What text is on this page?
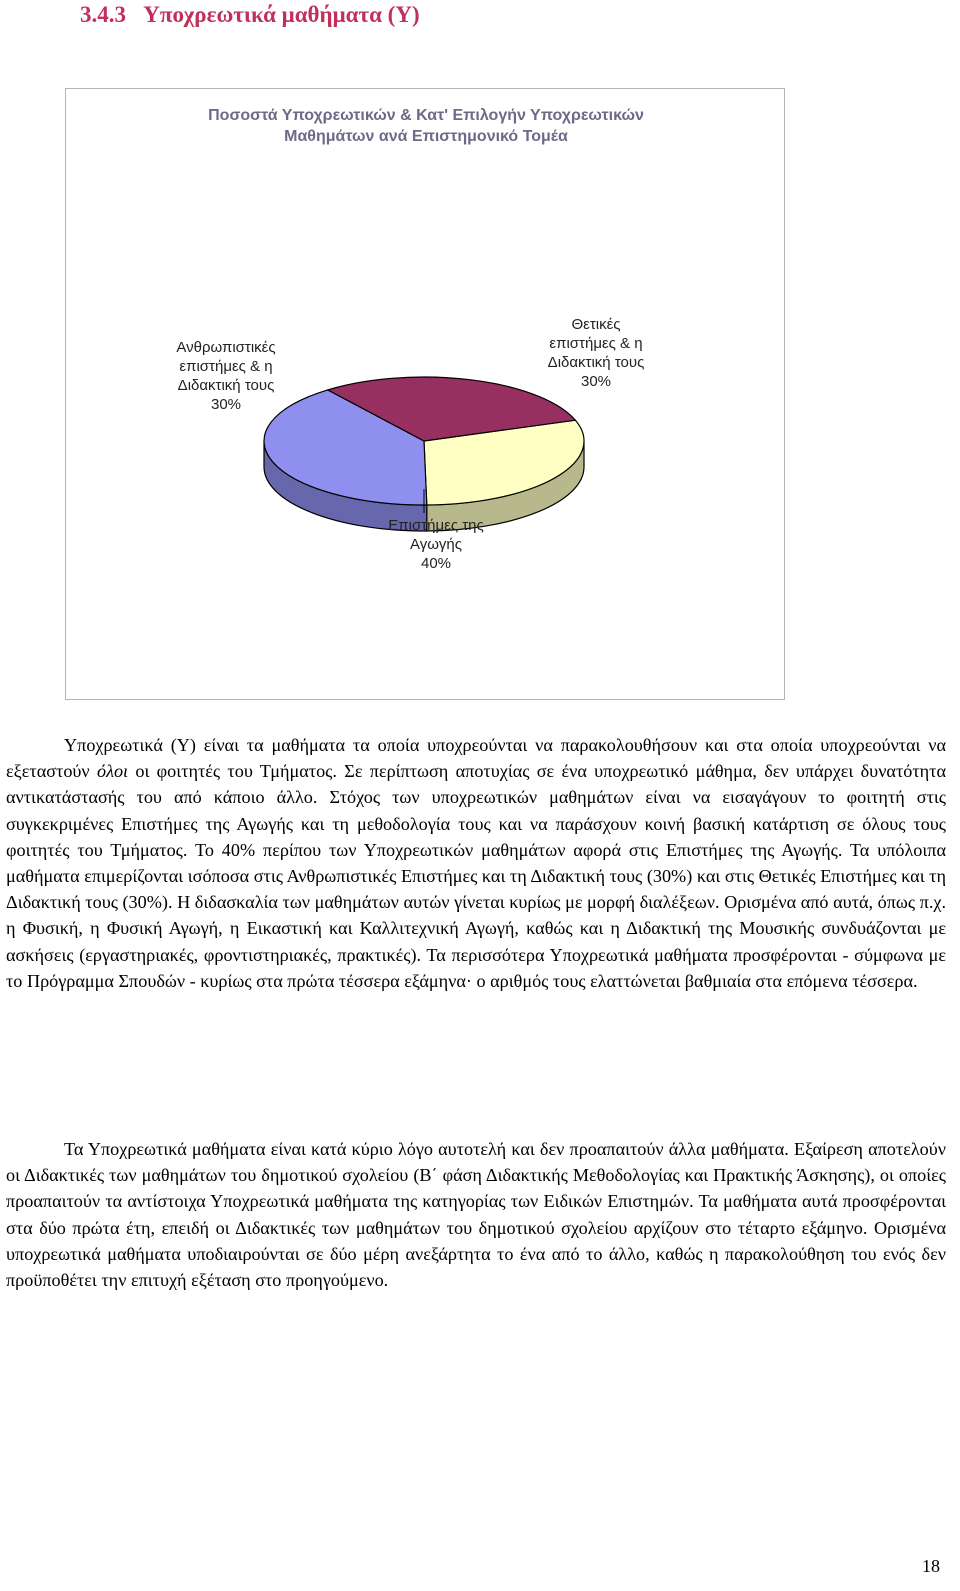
3.4.3 Υποχρεωτικά μαθήματα (Υ)
Ποσοστά Υποχρεωτικών & Κατ' Επιλογήν Υποχρεωτικών
Μαθημάτων ανά Επιστημονικό Τομέα
Θετικές
επιστήμες & η
Διδακτική τους
30%
Ανθρωπιστικές
επιστήμες & η
Διδακτική τους
30%
Επιστήμες της
Αγωγής
40%

Υποχρεωτικά (Υ) είναι τα μαθήματα τα οποία υποχρεούνται να παρακολουθήσουν και στα οποία υποχρεούνται να εξεταστούν όλοι οι φοιτητές του Τμήματος. Σε περίπτωση αποτυχίας σε ένα υποχρεωτικό μάθημα, δεν υπάρχει δυνατότητα αντικατάστασής του από κάποιο άλλο. Στόχος των υποχρεωτικών μαθημάτων είναι να εισαγάγουν το φοιτητή στις συγκεκριμένες Επιστήμες της Αγωγής και τη μεθοδολογία τους και να παράσχουν κοινή βασική κατάρτιση σε όλους τους φοιτητές του Τμήματος. Το 40% περίπου των Υποχρεωτικών μαθημάτων αφορά στις Επιστήμες της Αγωγής. Τα υπόλοιπα μαθήματα επιμερίζονται ισόποσα στις Ανθρωπιστικές Επιστήμες και τη Διδακτική τους (30%) και στις Θετικές Επιστήμες και τη Διδακτική τους (30%). Η διδασκαλία των μαθημάτων αυτών γίνεται κυρίως με μορφή διαλέξεων. Ορισμένα από αυτά, όπως π.χ. η Φυσική, η Φυσική Αγωγή, η Εικαστική και Καλλιτεχνική Αγωγή, καθώς και η Διδακτική της Μουσικής συνδυάζονται με ασκήσεις (εργαστηριακές, φροντιστηριακές, πρακτικές). Τα περισσότερα Υποχρεωτικά μαθήματα προσφέρονται - σύμφωνα με το Πρόγραμμα Σπουδών - κυρίως στα πρώτα τέσσερα εξάμηνα· ο αριθμός τους ελαττώνεται βαθμιαία στα επόμενα τέσσερα.

Τα Υποχρεωτικά μαθήματα είναι κατά κύριο λόγο αυτοτελή και δεν προαπαιτούν άλλα μαθήματα. Εξαίρεση αποτελούν οι Διδακτικές των μαθημάτων του δημοτικού σχολείου (Β΄ φάση Διδακτικής Μεθοδολογίας και Πρακτικής Άσκησης), οι οποίες προαπαιτούν τα αντίστοιχα Υποχρεωτικά μαθήματα της κατηγορίας των Ειδικών Επιστημών. Τα μαθήματα αυτά προσφέρονται στα δύο πρώτα έτη, επειδή οι Διδακτικές των μαθημάτων του δημοτικού σχολείου αρχίζουν στο τέταρτο εξάμηνο. Ορισμένα υποχρεωτικά μαθήματα υποδιαιρούνται σε δύο μέρη ανεξάρτητα το ένα από το άλλο, καθώς η παρακολούθηση του ενός δεν προϋποθέτει την επιτυχή εξέταση στο προηγούμενο.

18
